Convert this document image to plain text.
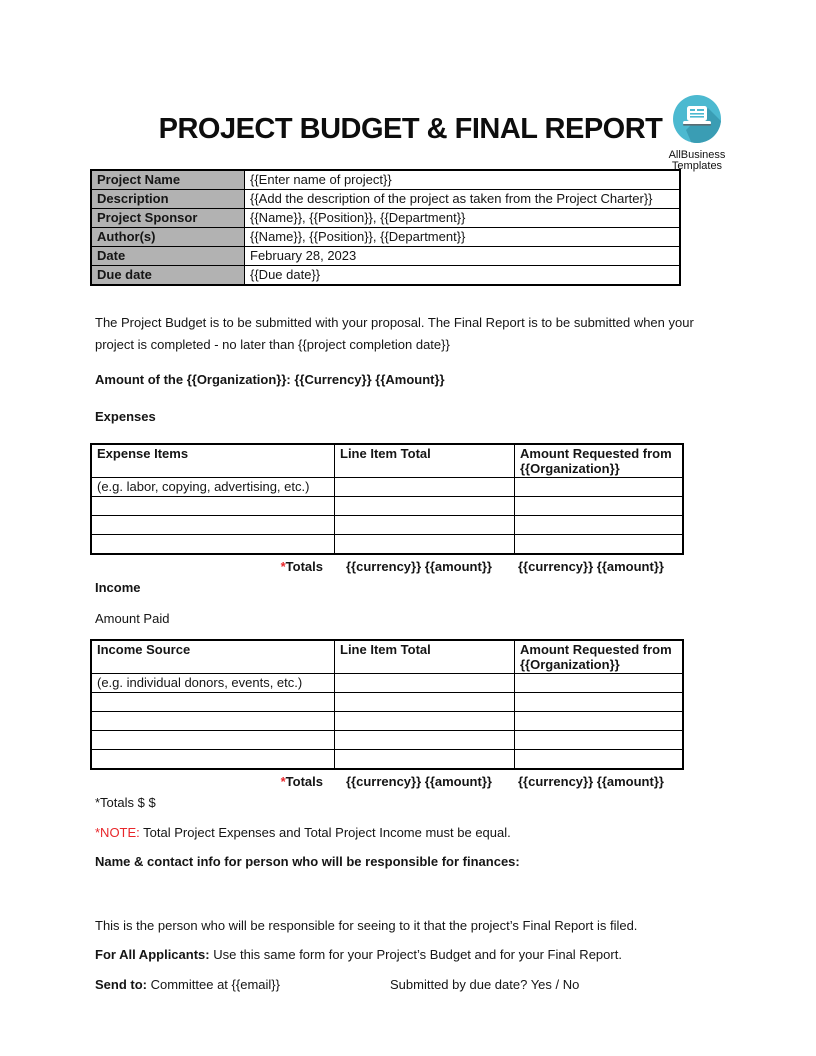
AllBusiness
Templates
PROJECT BUDGET & FINAL REPORT
Project Name	{{Enter name of project}}
Description	{{Add the description of the project as taken from the Project Charter}}
Project Sponsor	{{Name}}, {{Position}}, {{Department}}
Author(s)	{{Name}}, {{Position}}, {{Department}}
Date	February 28, 2023
Due date	{{Due date}}

The Project Budget is to be submitted with your proposal. The Final Report is to be submitted when your project is completed - no later than {{project completion date}}

Amount of the {{Organization}}: {{Currency}} {{Amount}}

Expenses

Expense Items	Line Item Total	Amount Requested from {{Organization}}
(e.g. labor, copying, advertising, etc.)		

*Totals	{{currency}} {{amount}}	{{currency}} {{amount}}

Income

Amount Paid

Income Source	Line Item Total	Amount Requested from {{Organization}}
(e.g. individual donors, events, etc.)		

*Totals	{{currency}} {{amount}}	{{currency}} {{amount}}

*Totals $ $

*NOTE: Total Project Expenses and Total Project Income must be equal.

Name & contact info for person who will be responsible for finances:

This is the person who will be responsible for seeing to it that the project’s Final Report is filed.

For All Applicants: Use this same form for your Project’s Budget and for your Final Report.

Send to: Committee at {{email}}	Submitted by due date? Yes / No
